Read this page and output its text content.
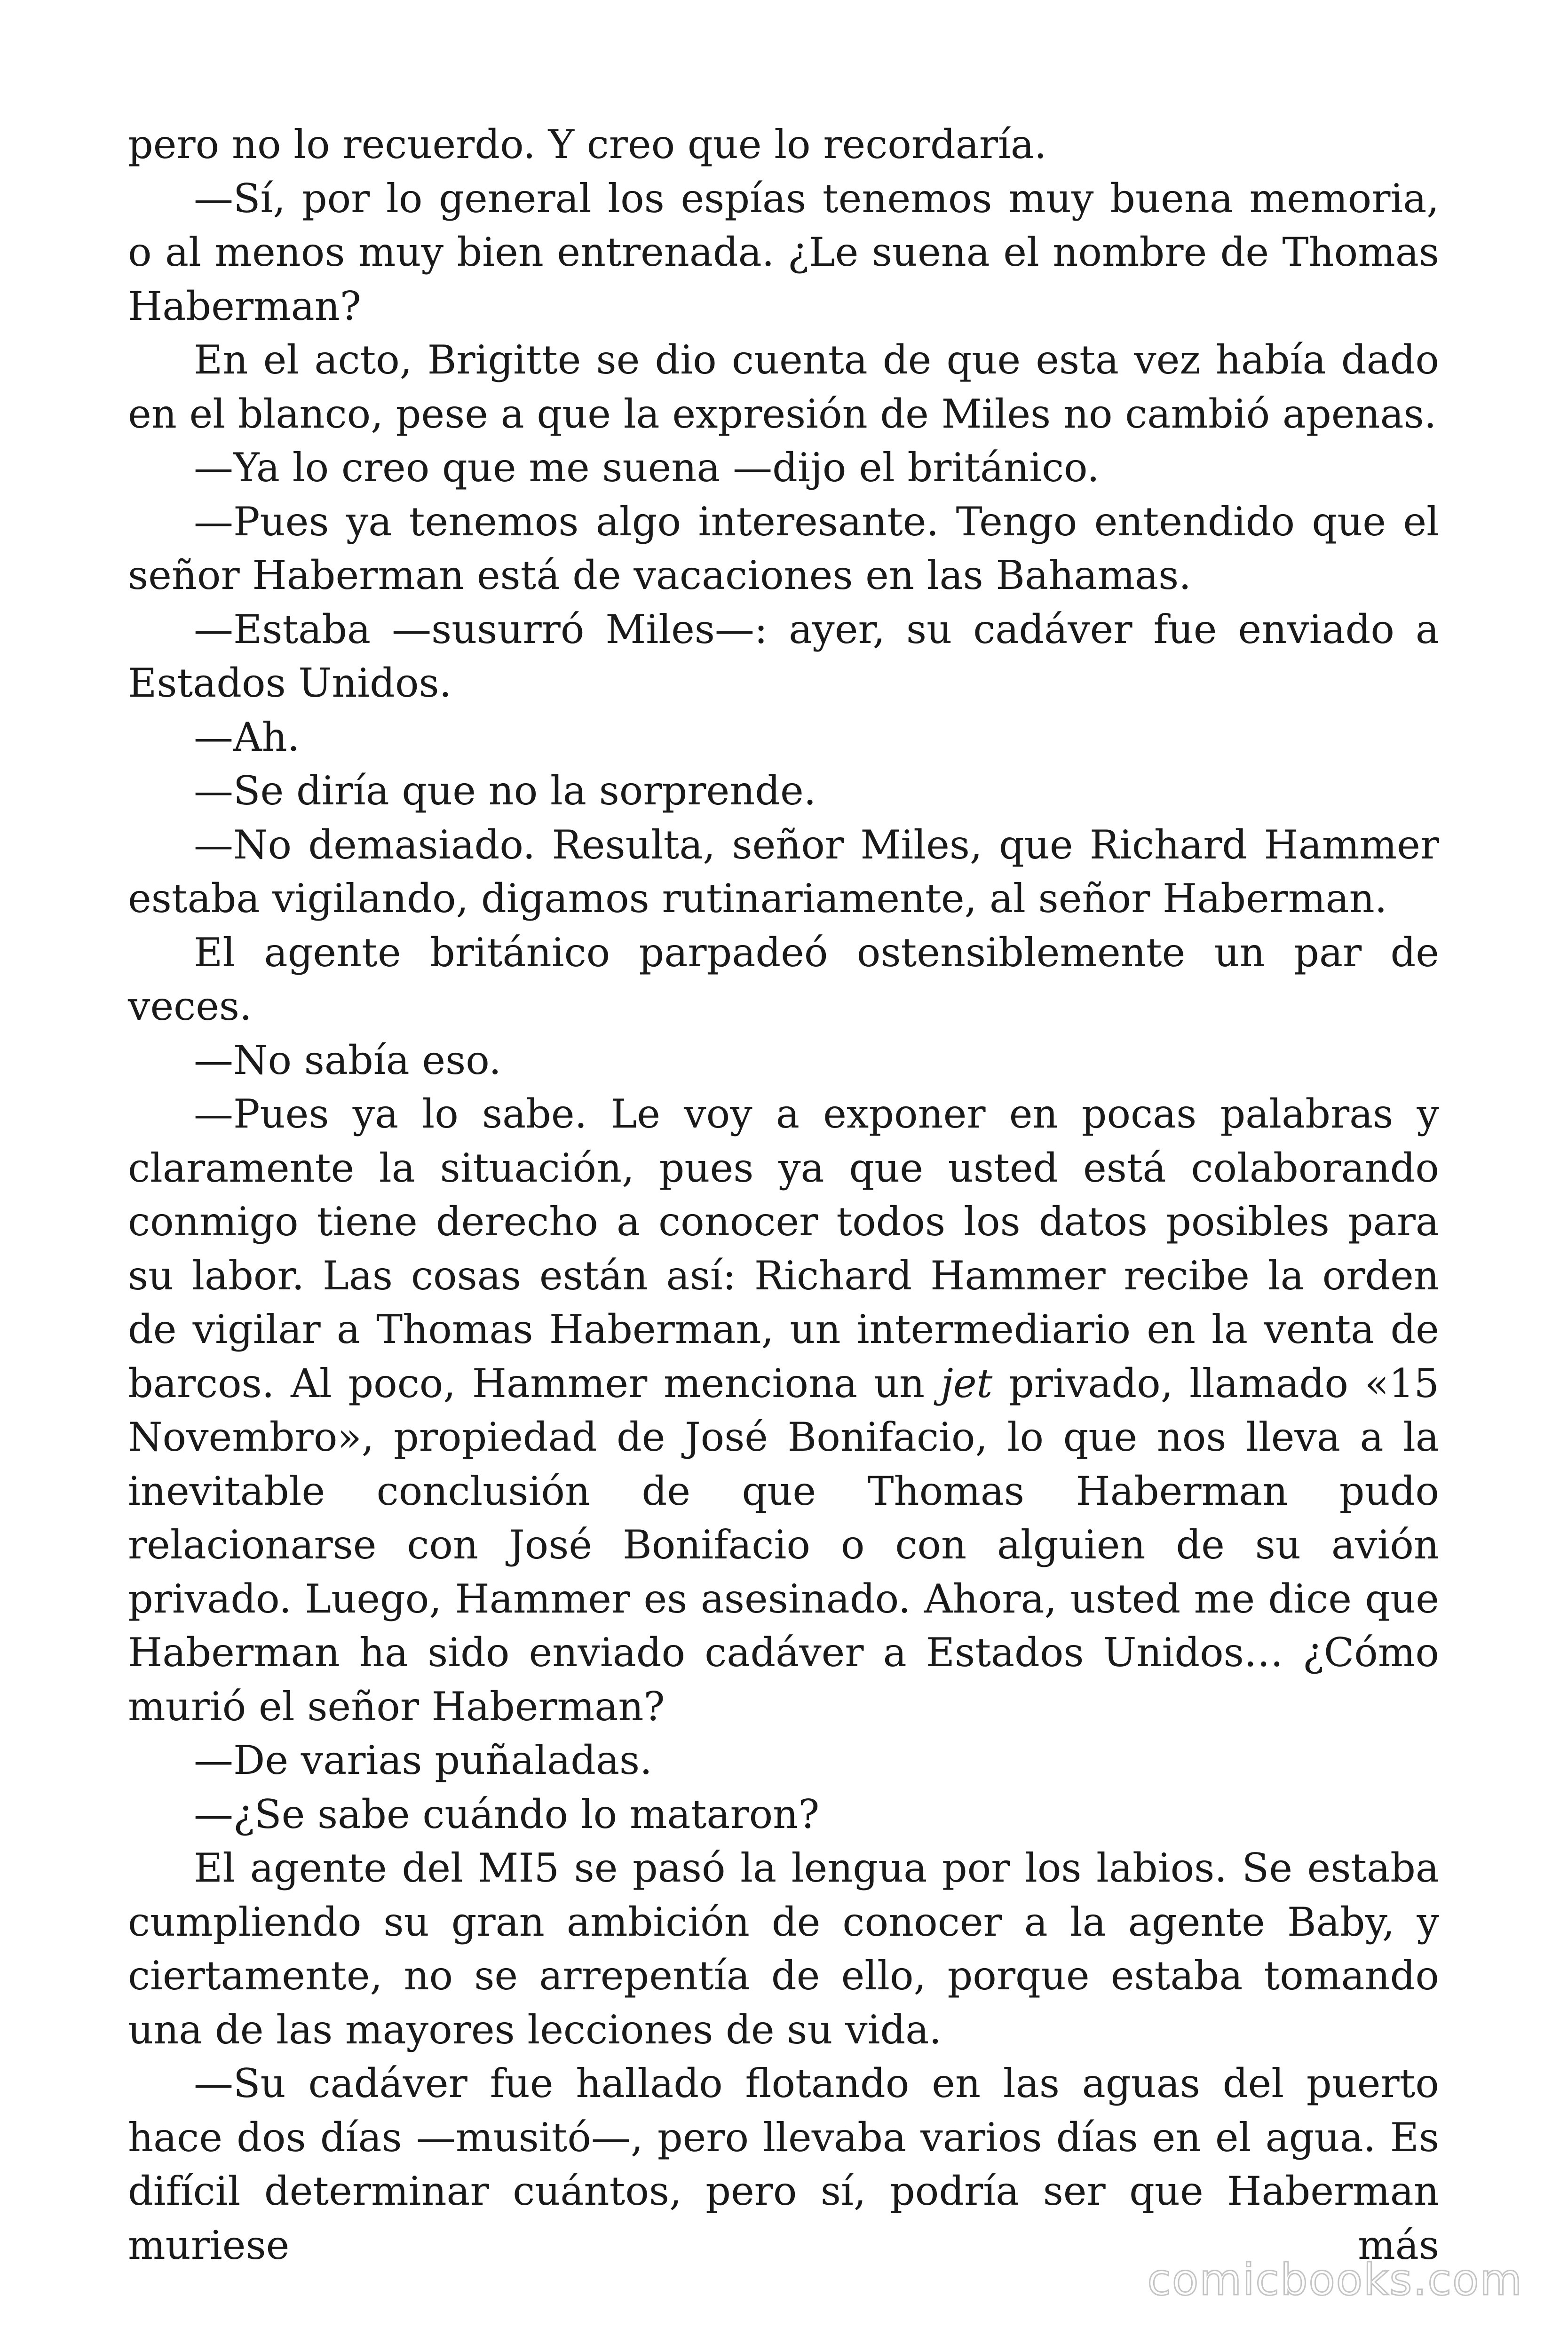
pero no lo recuerdo. Y creo que lo recordaría.

—Sí, por lo general los espías tenemos muy buena memoria, o al menos muy bien entrenada. ¿Le suena el nombre de Thomas Haberman?

En el acto, Brigitte se dio cuenta de que esta vez había dado en el blanco, pese a que la expresión de Miles no cambió apenas.

—Ya lo creo que me suena —dijo el británico.

—Pues ya tenemos algo interesante. Tengo entendido que el señor Haberman está de vacaciones en las Bahamas.

—Estaba —susurró Miles—: ayer, su cadáver fue enviado a Estados Unidos.

—Ah.

—Se diría que no la sorprende.

—No demasiado. Resulta, señor Miles, que Richard Hammer estaba vigilando, digamos rutinariamente, al señor Haberman.

El agente británico parpadeó ostensiblemente un par de veces.

—No sabía eso.

—Pues ya lo sabe. Le voy a exponer en pocas palabras y claramente la situación, pues ya que usted está colaborando conmigo tiene derecho a conocer todos los datos posibles para su labor. Las cosas están así: Richard Hammer recibe la orden de vigilar a Thomas Haberman, un intermediario en la venta de barcos. Al poco, Hammer menciona un jet privado, llamado «15 Novembro», propiedad de José Bonifacio, lo que nos lleva a la inevitable conclusión de que Thomas Haberman pudo relacionarse con José Bonifacio o con alguien de su avión privado. Luego, Hammer es asesinado. Ahora, usted me dice que Haberman ha sido enviado cadáver a Estados Unidos… ¿Cómo murió el señor Haberman?

—De varias puñaladas.

—¿Se sabe cuándo lo mataron?

El agente del MI5 se pasó la lengua por los labios. Se estaba cumpliendo su gran ambición de conocer a la agente Baby, y ciertamente, no se arrepentía de ello, porque estaba tomando una de las mayores lecciones de su vida.

—Su cadáver fue hallado flotando en las aguas del puerto hace dos días —musitó—, pero llevaba varios días en el agua. Es difícil determinar cuántos, pero sí, podría ser que Haberman muriese más

comicbooks.com
